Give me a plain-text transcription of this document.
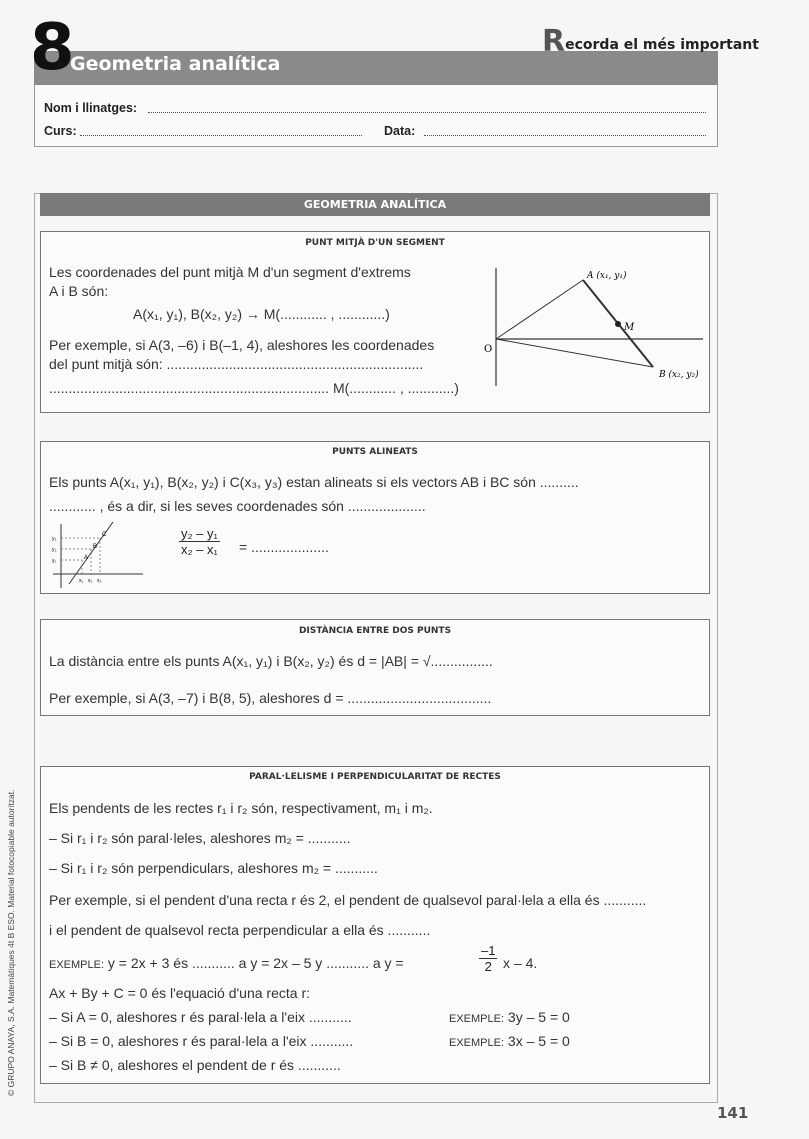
8
Geometria analítica
Recorda el més important
Nom i llinatges:
Curs:	Data:
GEOMETRIA ANALÍTICA
PUNT MITJÀ D'UN SEGMENT
Les coordenades del punt mitjà M d'un segment d'extrems
A i B són:
A(x₁, y₁), B(x₂, y₂) → M(............ , ............)
Per exemple, si A(3, –6) i B(–1, 4), aleshores les coordenades
del punt mitjà són: ..................................................................
........................................................................ M(............ , ............)
A (x₁, y₁)
M
B (x₂, y₂)
O
PUNTS ALINEATS
Els punts A(x₁, y₁), B(x₂, y₂) i C(x₃, y₃) estan alineats si els vectors AB i BC són ..........
............ , és a dir, si les seves coordenades són ....................
C
B
A
y₃
y₂
y₁
x₁ x₂ x₃
$\frac{\text{y₂ – y₁}}{\text{x₂ – x₁}}$ = ....................
DISTÀNCIA ENTRE DOS PUNTS
La distància entre els punts A(x₁, y₁) i B(x₂, y₂) és d = |AB| = √................
Per exemple, si A(3, –7) i B(8, 5), aleshores d = .....................................
PARAL·LELISME I PERPENDICULARITAT DE RECTES
Els pendents de les rectes r₁ i r₂ són, respectivament, m₁ i m₂.
– Si r₁ i r₂ són paral·leles, aleshores m₂ = ...........
– Si r₁ i r₂ són perpendiculars, aleshores m₂ = ...........
Per exemple, si el pendent d'una recta r és 2, el pendent de qualsevol paral·lela a ella és ...........
i el pendent de qualsevol recta perpendicular a ella és ...........
EXEMPLE: y = 2x + 3 és ........... a y = 2x – 5 y ........... a y =	$\frac{-1}{2}$ x – 4.
Ax + By + C = 0 és l'equació d'una recta r:
– Si A = 0, aleshores r és paral·lela a l'eix ...........	EXEMPLE: 3y – 5 = 0
– Si B = 0, aleshores r és paral·lela a l'eix ...........	EXEMPLE: 3x – 5 = 0
– Si B ≠ 0, aleshores el pendent de r és ...........
© GRUPO ANAYA, S.A. Matemàtiques 4t B ESO. Material fotocopiable autoritzat.
141
